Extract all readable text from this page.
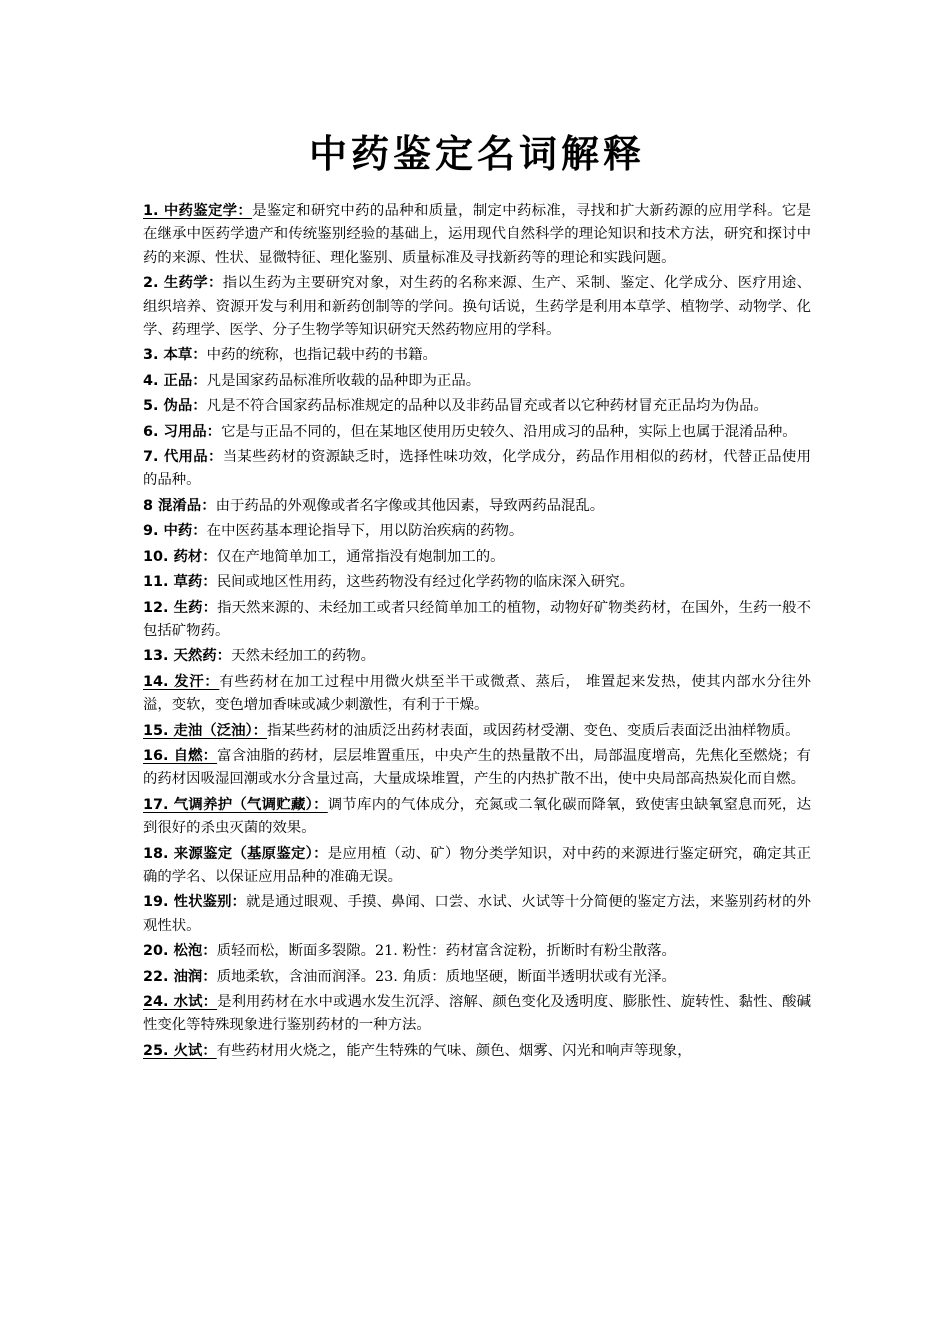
中药鉴定名词解释

1. 中药鉴定学：是鉴定和研究中药的品种和质量，制定中药标准，寻找和扩大新药源的应用学科。它是在继承中医药学遗产和传统鉴别经验的基础上，运用现代自然科学的理论知识和技术方法，研究和探讨中药的来源、性状、显微特征、理化鉴别、质量标准及寻找新药等的理论和实践问题。

2. 生药学：指以生药为主要研究对象，对生药的名称来源、生产、采制、鉴定、化学成分、医疗用途、组织培养、资源开发与利用和新药创制等的学问。换句话说，生药学是利用本草学、植物学、动物学、化学、药理学、医学、分子生物学等知识研究天然药物应用的学科。

3. 本草：中药的统称，也指记载中药的书籍。

4. 正品：凡是国家药品标准所收载的品种即为正品。

5. 伪品：凡是不符合国家药品标准规定的品种以及非药品冒充或者以它种药材冒充正品均为伪品。

6. 习用品：它是与正品不同的，但在某地区使用历史较久、沿用成习的品种，实际上也属于混淆品种。

7. 代用品：当某些药材的资源缺乏时，选择性味功效，化学成分，药品作用相似的药材，代替正品使用的品种。

8 混淆品：由于药品的外观像或者名字像或其他因素，导致两药品混乱。

9. 中药：在中医药基本理论指导下，用以防治疾病的药物。

10. 药材：仅在产地简单加工，通常指没有炮制加工的。

11. 草药：民间或地区性用药，这些药物没有经过化学药物的临床深入研究。

12. 生药：指天然来源的、未经加工或者只经简单加工的植物，动物好矿物类药材，在国外，生药一般不包括矿物药。

13. 天然药：天然未经加工的药物。

14. 发汗：有些药材在加工过程中用微火烘至半干或微煮、蒸后， 堆置起来发热，使其内部水分往外溢，变软，变色增加香味或减少刺激性，有利于干燥。

15. 走油（泛油）：指某些药材的油质泛出药材表面，或因药材受潮、变色、变质后表面泛出油样物质。

16. 自燃：富含油脂的药材，层层堆置重压，中央产生的热量散不出，局部温度增高，先焦化至燃烧；有的药材因吸湿回潮或水分含量过高，大量成垛堆置，产生的内热扩散不出，使中央局部高热炭化而自燃。

17. 气调养护（气调贮藏）：调节库内的气体成分，充氮或二氧化碳而降氧，致使害虫缺氧窒息而死，达到很好的杀虫灭菌的效果。

18. 来源鉴定（基原鉴定）：是应用植（动、矿）物分类学知识，对中药的来源进行鉴定研究，确定其正确的学名、以保证应用品种的准确无误。

19. 性状鉴别：就是通过眼观、手摸、鼻闻、口尝、水试、火试等十分简便的鉴定方法，来鉴别药材的外观性状。

20. 松泡：质轻而松，断面多裂隙。21. 粉性：药材富含淀粉，折断时有粉尘散落。

22. 油润：质地柔软，含油而润泽。23. 角质：质地坚硬，断面半透明状或有光泽。

24. 水试：是利用药材在水中或遇水发生沉浮、溶解、颜色变化及透明度、膨胀性、旋转性、黏性、酸碱性变化等特殊现象进行鉴别药材的一种方法。

25. 火试：有些药材用火烧之，能产生特殊的气味、颜色、烟雾、闪光和响声等现象，
